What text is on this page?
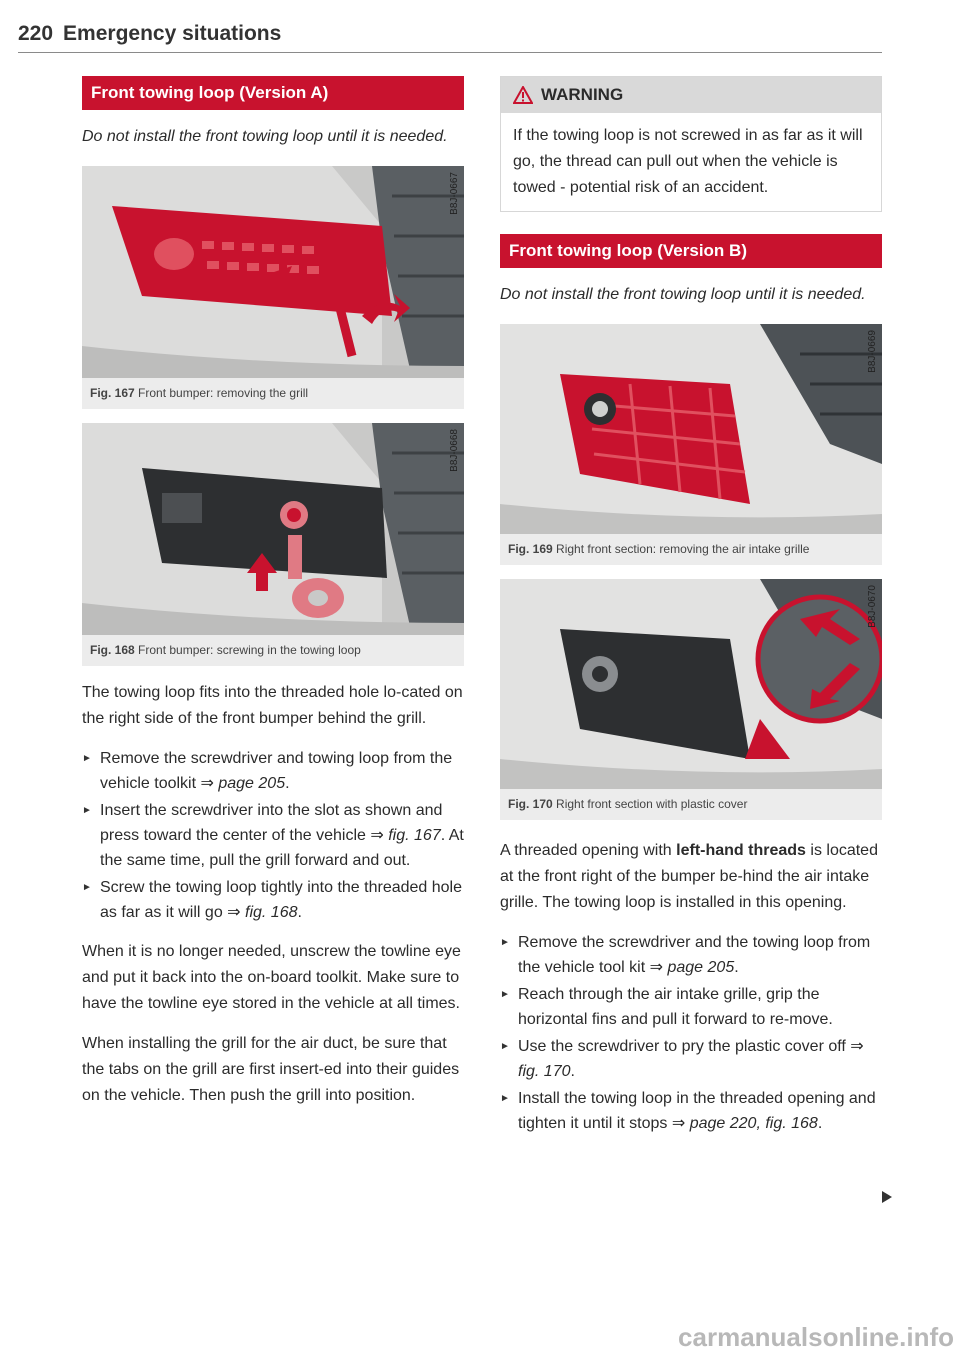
220 Emergency situations
Front towing loop (Version A)

Do not install the front towing loop until it is needed.

B8J-0667
Fig. 167 Front bumper: removing the grill
B8J-0668
Fig. 168 Front bumper: screwing in the towing loop

The towing loop fits into the threaded hole lo-cated on the right side of the front bumper behind the grill.

► Remove the screwdriver and towing loop from the vehicle toolkit ⇒ page 205.
► Insert the screwdriver into the slot as shown and press toward the center of the vehicle ⇒ fig. 167. At the same time, pull the grill forward and out.
► Screw the towing loop tightly into the threaded hole as far as it will go ⇒ fig. 168.

When it is no longer needed, unscrew the towline eye and put it back into the on-board toolkit. Make sure to have the towline eye stored in the vehicle at all times.

When installing the grill for the air duct, be sure that the tabs on the grill are first insert-ed into their guides on the vehicle. Then push the grill into position.

WARNING
If the towing loop is not screwed in as far as it will go, the thread can pull out when the vehicle is towed - potential risk of an accident.
Front towing loop (Version B)

Do not install the front towing loop until it is needed.

B8J-0669
Fig. 169 Right front section: removing the air intake grille
B8J-0670
Fig. 170 Right front section with plastic cover

A threaded opening with left-hand threads is located at the front right of the bumper be-hind the air intake grille. The towing loop is installed in this opening.

► Remove the screwdriver and the towing loop from the vehicle tool kit ⇒ page 205.
► Reach through the air intake grille, grip the horizontal fins and pull it forward to re-move.
► Use the screwdriver to pry the plastic cover off ⇒ fig. 170.
► Install the towing loop in the threaded opening and tighten it until it stops ⇒ page 220, fig. 168.
carmanualsonline.info
